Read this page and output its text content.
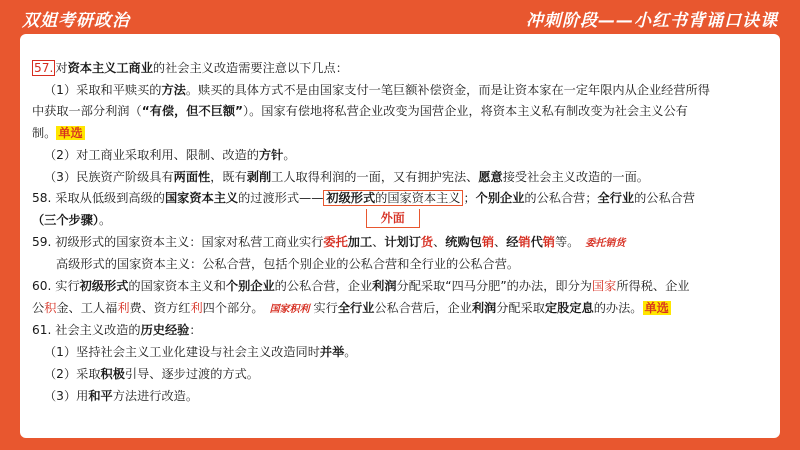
双姐考研政治	冲刺阶段——小红书背诵口诀课
57. 对资本主义工商业的社会主义改造需要注意以下几点：
（1）采取和平赎买的方法。赎买的具体方式不是由国家支付一笔巨额补偿资金，而是让资本家在一定年限内从企业经营所得
中获取一部分利润（“有偿，但不巨额”）。国家有偿地将私营企业改变为国营企业，将资本主义私有制改变为社会主义公有
制。 单选
（2）对工商业采取利用、限制、改造的方针。
（3）民族资产阶级具有两面性，既有剥削工人取得利润的一面，又有拥护宪法、愿意接受社会主义改造的一面。
58. 采取从低级到高级的国家资本主义的过渡形式—— 初级形式的国家资本主义
外面
；个别企业的公私合营；全行业的公私合营
（三个步骤）。
59. 初级形式的国家资本主义：国家对私营工商业实行委托加工、计划订货、统购包销、经销代销等。 委托销货
高级形式的国家资本主义：公私合营，包括个别企业的公私合营和全行业的公私合营。
60. 实行初级形式的国家资本主义和个别企业的公私合营，企业利润分配采取“四马分肥”的办法，即分为国家所得税、企业
公积金、工人福利费、资方红利四个部分。 国家积利 实行全行业公私合营后，企业利润分配采取定股定息的办法。 单选
61. 社会主义改造的历史经验：
（1）坚持社会主义工业化建设与社会主义改造同时并举。
（2）采取积极引导、逐步过渡的方式。
（3）用和平方法进行改造。
